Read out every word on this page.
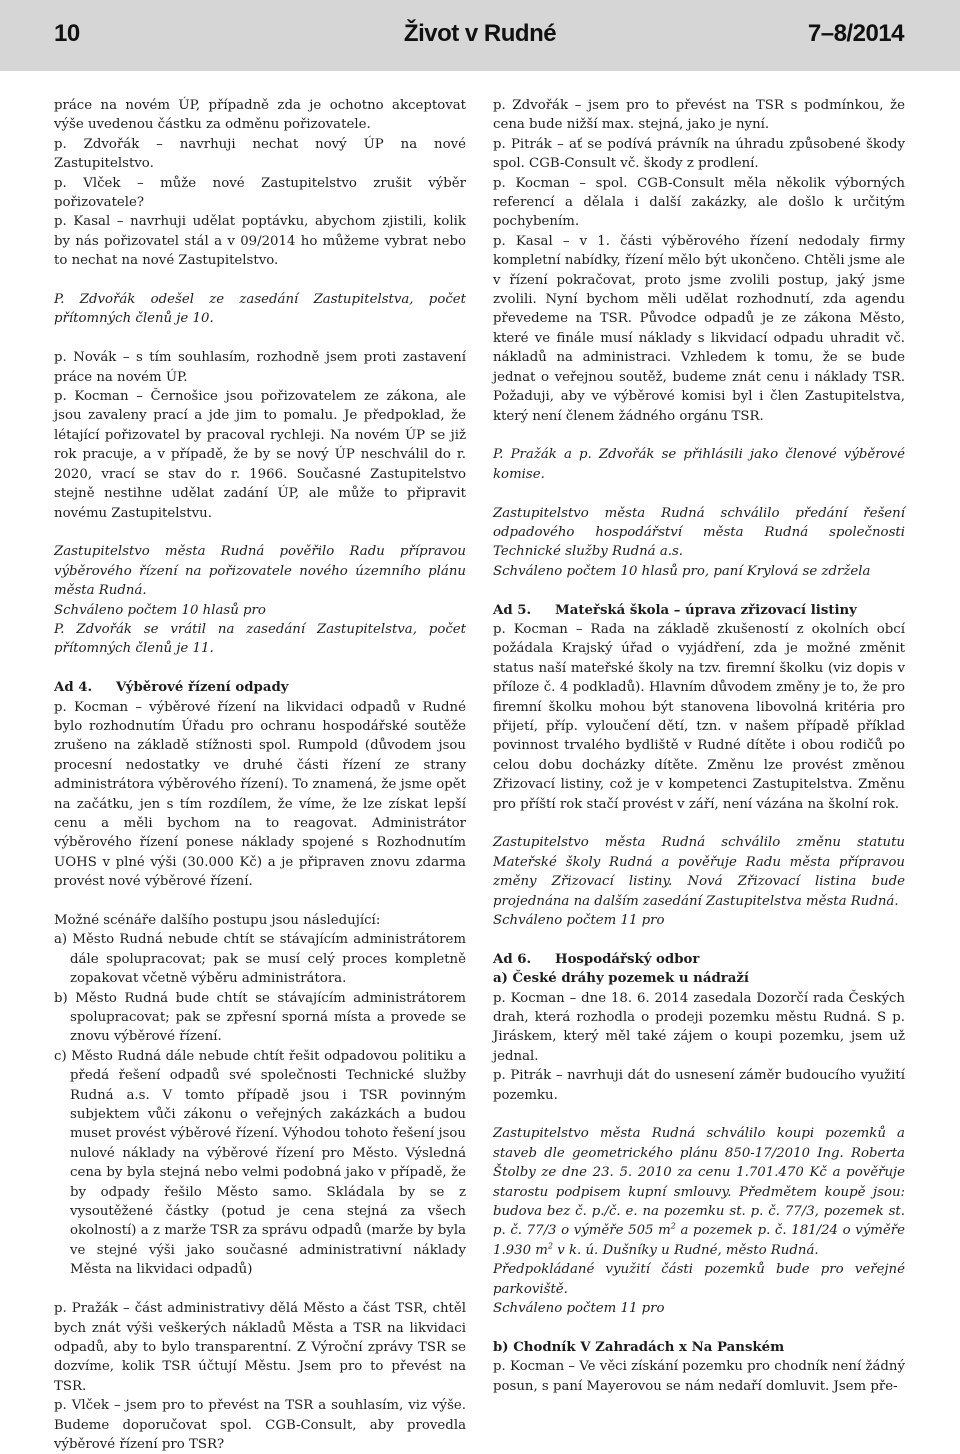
10	Život v Rudné	7–8/2014

práce na novém ÚP, případně zda je ochotno akceptovat výše uvedenou částku za odměnu pořizovatele.

p. Zdvořák – navrhuji nechat nový ÚP na nové Zastupitelstvo.

p. Vlček – může nové Zastupitelstvo zrušit výběr pořizovatele?

p. Kasal – navrhuji udělat poptávku, abychom zjistili, kolik by nás pořizovatel stál a v 09/2014 ho můžeme vybrat nebo to nechat na nové Zastupitelstvo.

P. Zdvořák odešel ze zasedání Zastupitelstva, počet přítomných členů je 10.

p. Novák – s tím souhlasím, rozhodně jsem proti zastavení práce na novém ÚP.

p. Kocman – Černošice jsou pořizovatelem ze zákona, ale jsou zavaleny prací a jde jim to pomalu. Je předpoklad, že létající pořizovatel by pracoval rychleji. Na novém ÚP se již rok pracuje, a v případě, že by se nový ÚP neschválil do r. 2020, vrací se stav do r. 1966. Současné Zastupitelstvo stejně nestihne udělat zadání ÚP, ale může to připravit novému Zastupitelstvu.

Zastupitelstvo města Rudná pověřilo Radu přípravou výběrového řízení na pořizovatele nového územního plánu města Rudná.

Schváleno počtem 10 hlasů pro

P. Zdvořák se vrátil na zasedání Zastupitelstva, počet přítomných členů je 11.

Ad 4. Výběrové řízení odpady

p. Kocman – výběrové řízení na likvidaci odpadů v Rudné bylo rozhodnutím Úřadu pro ochranu hospodářské soutěže zrušeno na základě stížnosti spol. Rumpold (důvodem jsou procesní nedostatky ve druhé části řízení ze strany administrátora výběrového řízení). To znamená, že jsme opět na začátku, jen s tím rozdílem, že víme, že lze získat lepší cenu a měli bychom na to reagovat. Administrátor výběrového řízení ponese náklady spojené s Rozhodnutím UOHS v plné výši (30.000 Kč) a je připraven znovu zdarma provést nové výběrové řízení.

Možné scénáře dalšího postupu jsou následující:

a) Město Rudná nebude chtít se stávajícím administrátorem dále spolupracovat; pak se musí celý proces kompletně zopakovat včetně výběru administrátora.

b) Město Rudná bude chtít se stávajícím administrátorem spolupracovat; pak se zpřesní sporná místa a provede se znovu výběrové řízení.

c) Město Rudná dále nebude chtít řešit odpadovou politiku a předá řešení odpadů své společnosti Technické služby Rudná a.s. V tomto případě jsou i TSR povinným subjektem vůči zákonu o veřejných zakázkách a budou muset provést výběrové řízení. Výhodou tohoto řešení jsou nulové náklady na výběrové řízení pro Město. Výsledná cena by byla stejná nebo velmi podobná jako v případě, že by odpady řešilo Město samo. Skládala by se z vysoutěžené částky (potud je cena stejná za všech okolností) a z marže TSR za správu odpadů (marže by byla ve stejné výši jako současné administrativní náklady Města na likvidaci odpadů)

p. Pražák – část administrativy dělá Město a část TSR, chtěl bych znát výši veškerých nákladů Města a TSR na likvidaci odpadů, aby to bylo transparentní. Z Výroční zprávy TSR se dozvíme, kolik TSR účtují Městu. Jsem pro to převést na TSR.

p. Vlček – jsem pro to převést na TSR a souhlasím, viz výše. Budeme doporučovat spol. CGB-Consult, aby provedla výběrové řízení pro TSR?

p. Zdvořák – jsem pro to převést na TSR s podmínkou, že cena bude nižší max. stejná, jako je nyní.

p. Pitrák – ať se podívá právník na úhradu způsobené škody spol. CGB-Consult vč. škody z prodlení.

p. Kocman – spol. CGB-Consult měla několik výborných referencí a dělala i další zakázky, ale došlo k určitým pochybením.

p. Kasal – v 1. části výběrového řízení nedodaly firmy kompletní nabídky, řízení mělo být ukončeno. Chtěli jsme ale v řízení pokračovat, proto jsme zvolili postup, jaký jsme zvolili. Nyní bychom měli udělat rozhodnutí, zda agendu převedeme na TSR. Původce odpadů je ze zákona Město, které ve finále musí náklady s likvidací odpadu uhradit vč. nákladů na administraci. Vzhledem k tomu, že se bude jednat o veřejnou soutěž, budeme znát cenu i náklady TSR. Požaduji, aby ve výběrové komisi byl i člen Zastupitelstva, který není členem žádného orgánu TSR.

P. Pražák a p. Zdvořák se přihlásili jako členové výběrové komise.

Zastupitelstvo města Rudná schválilo předání řešení odpadového hospodářství města Rudná společnosti Technické služby Rudná a.s.

Schváleno počtem 10 hlasů pro, paní Krylová se zdržela

Ad 5. Mateřská škola – úprava zřizovací listiny

p. Kocman – Rada na základě zkušeností z okolních obcí požádala Krajský úřad o vyjádření, zda je možné změnit status naší mateřské školy na tzv. firemní školku (viz dopis v příloze č. 4 podkladů). Hlavním důvodem změny je to, že pro firemní školku mohou být stanovena libovolná kritéria pro přijetí, příp. vyloučení dětí, tzn. v našem případě příklad povinnost trvalého bydliště v Rudné dítěte i obou rodičů po celou dobu docházky dítěte. Změnu lze provést změnou Zřizovací listiny, což je v kompetenci Zastupitelstva. Změnu pro příští rok stačí provést v září, není vázána na školní rok.

Zastupitelstvo města Rudná schválilo změnu statutu Mateřské školy Rudná a pověřuje Radu města přípravou změny Zřizovací listiny. Nová Zřizovací listina bude projednána na dalším zasedání Zastupitelstva města Rudná.

Schváleno počtem 11 pro

Ad 6. Hospodářský odbor

a) České dráhy pozemek u nádraží

p. Kocman – dne 18. 6. 2014 zasedala Dozorčí rada Českých drah, která rozhodla o prodeji pozemku městu Rudná. S p. Jiráskem, který měl také zájem o koupi pozemku, jsem už jednal.

p. Pitrák – navrhuji dát do usnesení záměr budoucího využití pozemku.

Zastupitelstvo města Rudná schválilo koupi pozemků a staveb dle geometrického plánu 850-17/2010 Ing. Roberta Štolby ze dne 23. 5. 2010 za cenu 1.701.470 Kč a pověřuje starostu podpisem kupní smlouvy. Předmětem koupě jsou: budova bez č. p./č. e. na pozemku st. p. č. 77/3, pozemek st. p. č. 77/3 o výměře 505 $m^2$ a pozemek p. č. 181/24 o výměře 1.930 $m^2$ v k. ú. Dušníky u Rudné, město Rudná.

Předpokládané využití části pozemků bude pro veřejné parkoviště.

Schváleno počtem 11 pro

b) Chodník V Zahradách x Na Panském

p. Kocman – Ve věci získání pozemku pro chodník není žádný posun, s paní Mayerovou se nám nedaří domluvit. Jsem pře-
